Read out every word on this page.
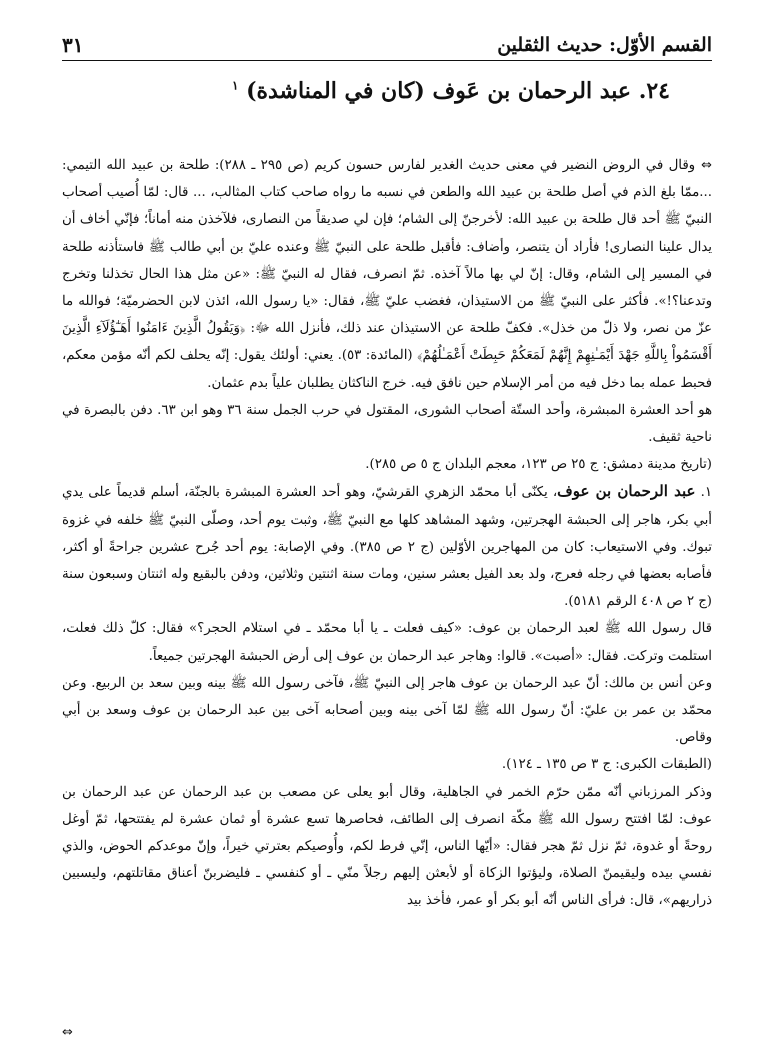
القسم الأوّل: حديث الثقلين
٣١
٢٤. عبد الرحمان بن عَوف (كان في المناشدة) $^١$

⇔وقال في الروض النضير في معنى حديث الغدير لفارس حسون كريم (ص ٢٩٥ ـ ٢٨٨): طلحة بن عبيد الله التيمي: ...ممّا بلغ الذم في أصل طلحة بن عبيد الله والطعن في نسبه ما رواه صاحب كتاب المثالب، ... قال: لمّا أُصيب أصحاب النبيّ ﷺ أحد قال طلحة بن عبيد الله: لأخرجنّ إلى الشام؛ فإن لي صديقاً من النصارى، فلآخذن منه أماناً؛ فإنّي أخاف أن يدال علينا النصارى! فأراد أن يتنصر، وأضاف: فأقبل طلحة على النبيّ ﷺ وعنده عليّ بن أبي طالب ﷺ فاستأذنه طلحة في المسير إلى الشام، وقال: إنّ لي بها مالاً آخذه. ثمّ انصرف، فقال له النبيّ ﷺ: «عن مثل هذا الحال تخذلنا وتخرج وتدعنا؟!». فأكثر على النبيّ ﷺ من الاستيذان، فغضب عليّ ﷺ، فقال: «يا رسول الله، ائذن لابن الحضرميّة؛ فوالله ما عزّ من نصر، ولا ذلّ من خذل». فكفّ طلحة عن الاستيذان عند ذلك، فأنزل الله ﷻ: ﴿وَيَقُولُ الَّذِينَ ءَامَنُوا أَهَـٰٓؤُلَآءِ الَّذِينَ أَقْسَمُواْ بِاللَّهِ جَهْدَ أَيْمَـٰنِهِمْ إِنَّهُمْ لَمَعَكُمْ حَبِطَتْ أَعْمَـٰلُهُمْ﴾ (المائدة: ٥٣). يعني: أولئك يقول: إنّه يحلف لكم أنّه مؤمن معكم، فحبط عمله بما دخل فيه من أمر الإسلام حين نافق فيه. خرج الناكثان يطلبان علياً بدم عثمان.

هو أحد العشرة المبشرة، وأحد الستّة أصحاب الشورى، المقتول في حرب الجمل سنة ٣٦ وهو ابن ٦٣. دفن بالبصرة في ناحية ثقيف.

(تاريخ مدينة دمشق: ج ٢٥ ص ١٢٣، معجم البلدان ج ٥ ص ٢٨٥).

١. عبد الرحمان بن عوف، يكنّى أبا محمّد الزهري القرشيّ، وهو أحد العشرة المبشرة بالجنّة، أسلم قديماً على يدي أبي بكر، هاجر إلى الحبشة الهجرتين، وشهد المشاهد كلها مع النبيّ ﷺ، وثبت يوم أحد، وصلّى النبيّ ﷺ خلفه في غزوة تبوك. وفي الاستيعاب: كان من المهاجرين الأوّلين (ج ٢ ص ٣٨٥). وفي الإصابة: يوم أحد جُرح عشرين جراحةً أو أكثر، فأصابه بعضها في رجله فعرج، ولد بعد الفيل بعشر سنين، ومات سنة اثنتين وثلاثين، ودفن بالبقيع وله اثنتان وسبعون سنة (ج ٢ ص ٤٠٨ الرقم ٥١٨١).

قال رسول الله ﷺ لعبد الرحمان بن عوف: «كيف فعلت ـ يا أبا محمّد ـ في استلام الحجر؟» فقال: كلّ ذلك فعلت، استلمت وتركت. فقال: «أصبت». قالوا: وهاجر عبد الرحمان بن عوف إلى أرض الحبشة الهجرتين جميعاً.

وعن أنس بن مالك: أنّ عبد الرحمان بن عوف هاجر إلى النبيّ ﷺ، فآخى رسول الله ﷺ بينه وبين سعد بن الربيع. وعن محمّد بن عمر بن عليّ: أنّ رسول الله ﷺ لمّا آخى بينه وبين أصحابه آخى بين عبد الرحمان بن عوف وسعد بن أبي وقاص.

(الطبقات الكبرى: ج ٣ ص ١٣٥ ـ ١٢٤).

وذكر المرزباني أنّه ممّن حرّم الخمر في الجاهلية، وقال أبو يعلى عن مصعب بن عبد الرحمان عن عبد الرحمان بن عوف: لمّا افتتح رسول الله ﷺ مكّة انصرف إلى الطائف، فحاصرها تسع عشرة أو ثمان عشرة لم يفتتحها، ثمّ أوغل روحةً أو غدوة، ثمّ نزل ثمّ هجر فقال: «أيّها الناس، إنّي فرط لكم، وأُوصيكم بعترتي خيراً، وإنّ موعدكم الحوض، والذي نفسي بيده وليقيمنّ الصلاة، وليؤتوا الزكاة أو لأبعثن إليهم رجلاً منّي ـ أو كنفسي ـ فليضربنّ أعناق مقاتلتهم، وليسبين ذراريهم»، قال: فرأى الناس أنّه أبو بكر أو عمر، فأخذ بيد

⇔
